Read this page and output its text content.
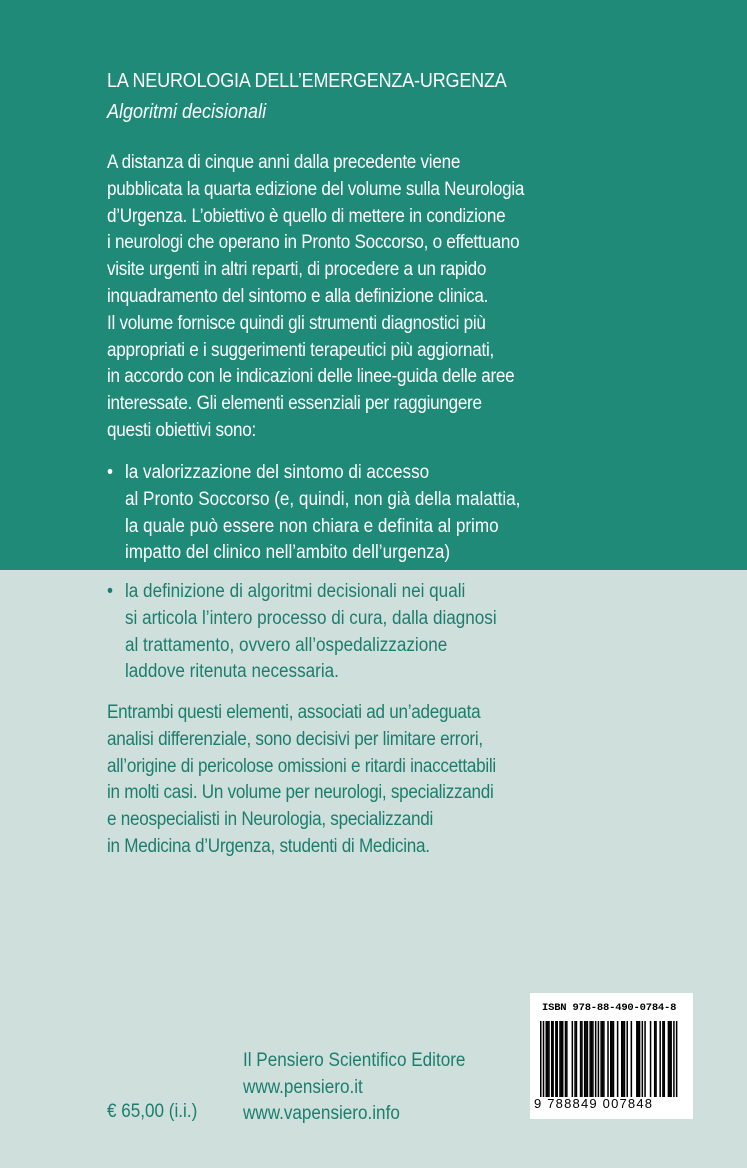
LA NEUROLOGIA DELL’EMERGENZA-URGENZA
Algoritmi decisionali
A distanza di cinque anni dalla precedente viene
pubblicata la quarta edizione del volume sulla Neurologia
d’Urgenza. L’obiettivo è quello di mettere in condizione
i neurologi che operano in Pronto Soccorso, o effettuano
visite urgenti in altri reparti, di procedere a un rapido
inquadramento del sintomo e alla definizione clinica.
Il volume fornisce quindi gli strumenti diagnostici più
appropriati e i suggerimenti terapeutici più aggiornati,
in accordo con le indicazioni delle linee-guida delle aree
interessate. Gli elementi essenziali per raggiungere
questi obiettivi sono:
• la valorizzazione del sintomo di accesso
al Pronto Soccorso (e, quindi, non già della malattia,
la quale può essere non chiara e definita al primo
impatto del clinico nell’ambito dell’urgenza)
• la definizione di algoritmi decisionali nei quali
si articola l’intero processo di cura, dalla diagnosi
al trattamento, ovvero all’ospedalizzazione
laddove ritenuta necessaria.
Entrambi questi elementi, associati ad un’adeguata
analisi differenziale, sono decisivi per limitare errori,
all’origine di pericolose omissioni e ritardi inaccettabili
in molti casi. Un volume per neurologi, specializzandi
e neospecialisti in Neurologia, specializzandi
in Medicina d’Urgenza, studenti di Medicina.
Il Pensiero Scientifico Editore
www.pensiero.it
www.vapensiero.info
€ 65,00 (i.i.)
ISBN 978-88-490-0784-8
9 788849 007848
